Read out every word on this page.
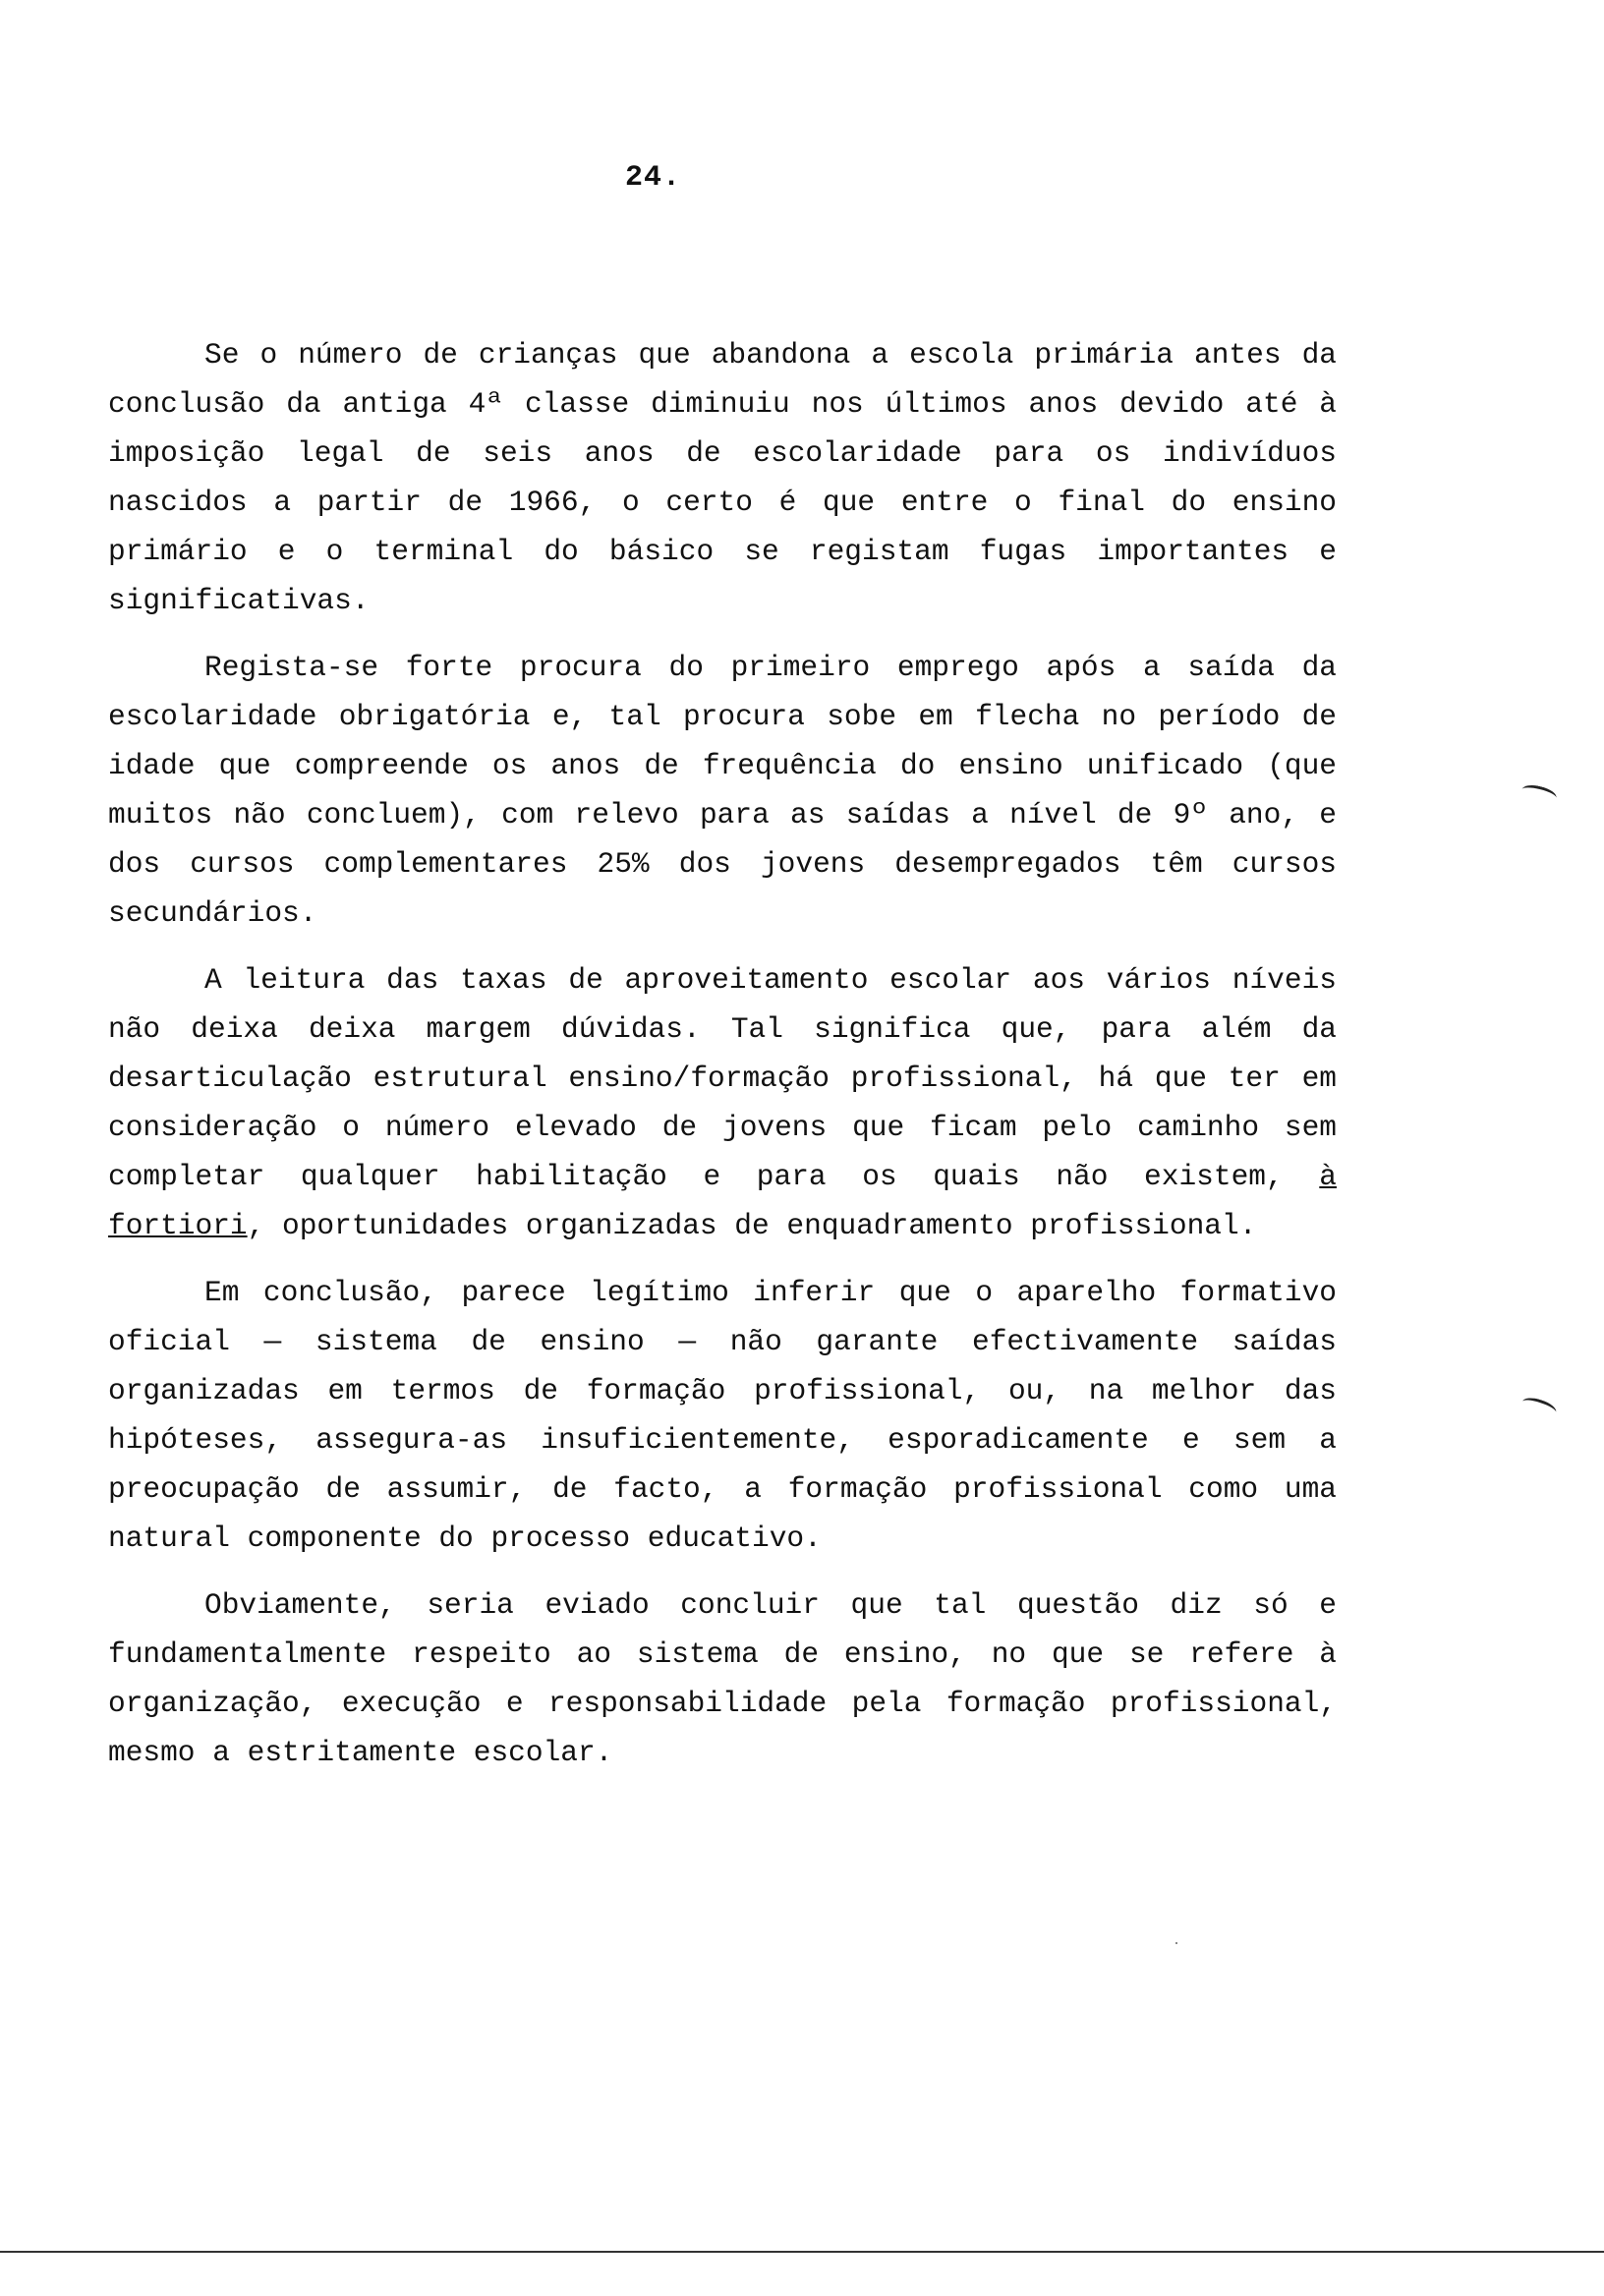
24.

Se o número de crianças que abandona a escola primária antes da conclusão da antiga 4ª classe diminuiu nos últimos anos devido até à imposição legal de seis anos de escolaridade para os indivíduos nascidos a partir de 1966, o certo é que entre o final do ensino primário e o terminal do básico se registam fugas importantes e significativas.

Regista-se forte procura do primeiro emprego após a saída da escolaridade obrigatória e, tal procura sobe em flecha no período de idade que compreende os anos de frequência do ensino unificado (que muitos não concluem), com relevo para as saídas a nível de 9º ano, e dos cursos complementares 25% dos jovens desempregados têm cursos secundários.

A leitura das taxas de aproveitamento escolar aos vários níveis não deixa deixa margem dúvidas. Tal significa que, para além da desarticulação estrutural ensino/formação profissional, há que ter em consideração o número elevado de jovens que ficam pelo caminho sem completar qualquer habilitação e para os quais não existem, à fortiori, oportunidades organizadas de enquadramento profissional.

Em conclusão, parece legítimo inferir que o aparelho formativo oficial — sistema de ensino — não garante efectivamente saídas organizadas em termos de formação profissional, ou, na melhor das hipóteses, assegura-as insuficientemente, esporadicamente e sem a preocupação de assumir, de facto, a formação profissional como uma natural componente do processo educativo.

Obviamente, seria eviado concluir que tal questão diz só e fundamentalmente respeito ao sistema de ensino, no que se refere à organização, execução e responsabilidade pela formação profissional, mesmo a estritamente escolar.
